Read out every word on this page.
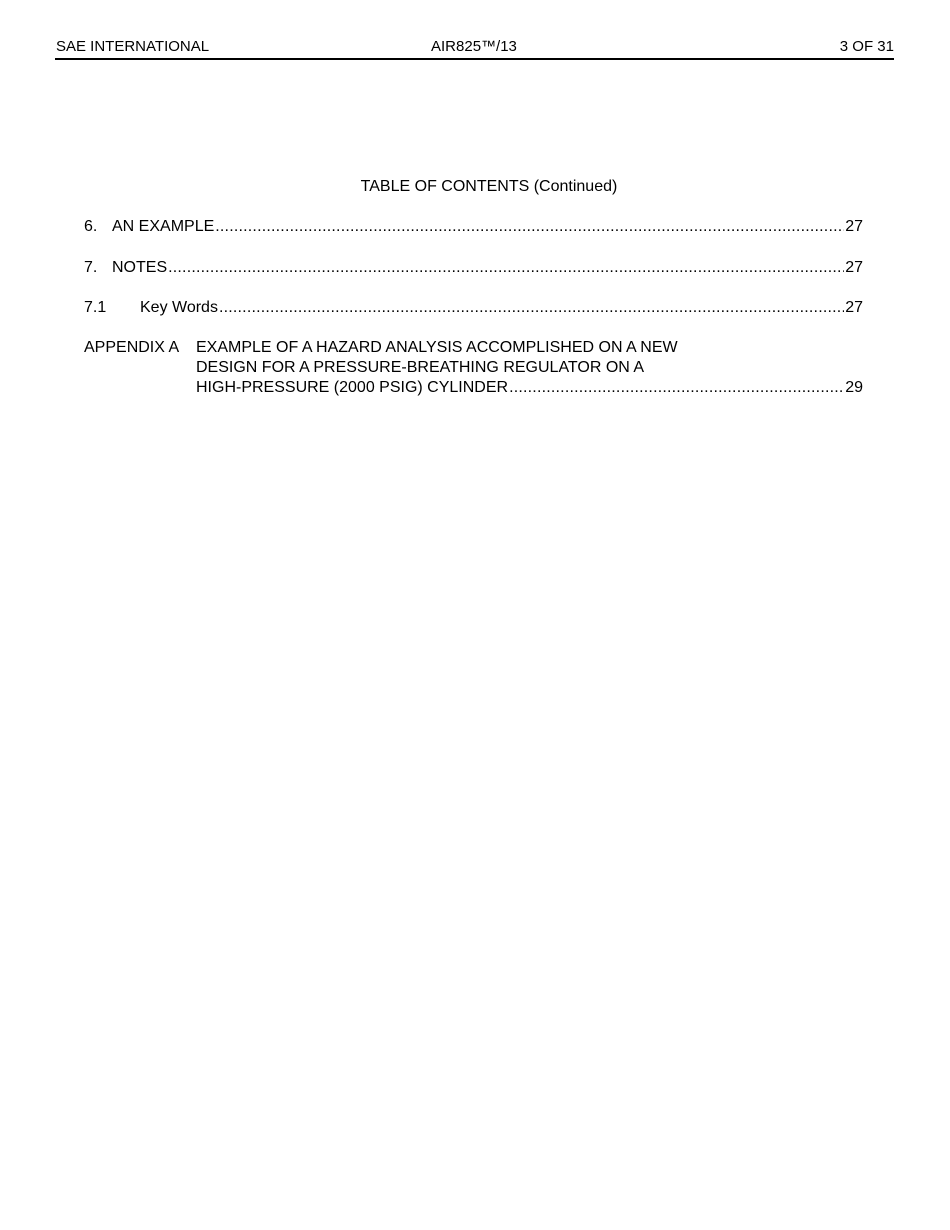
SAE INTERNATIONAL	AIR825™/13	3 OF 31
TABLE OF CONTENTS (Continued)
6. AN EXAMPLE .....	27
7. NOTES .....	27
7.1	Key Words .....	27
APPENDIX A EXAMPLE OF A HAZARD ANALYSIS ACCOMPLISHED ON A NEW
DESIGN FOR A PRESSURE-BREATHING REGULATOR ON A
HIGH-PRESSURE (2000 PSIG) CYLINDER .....	29
